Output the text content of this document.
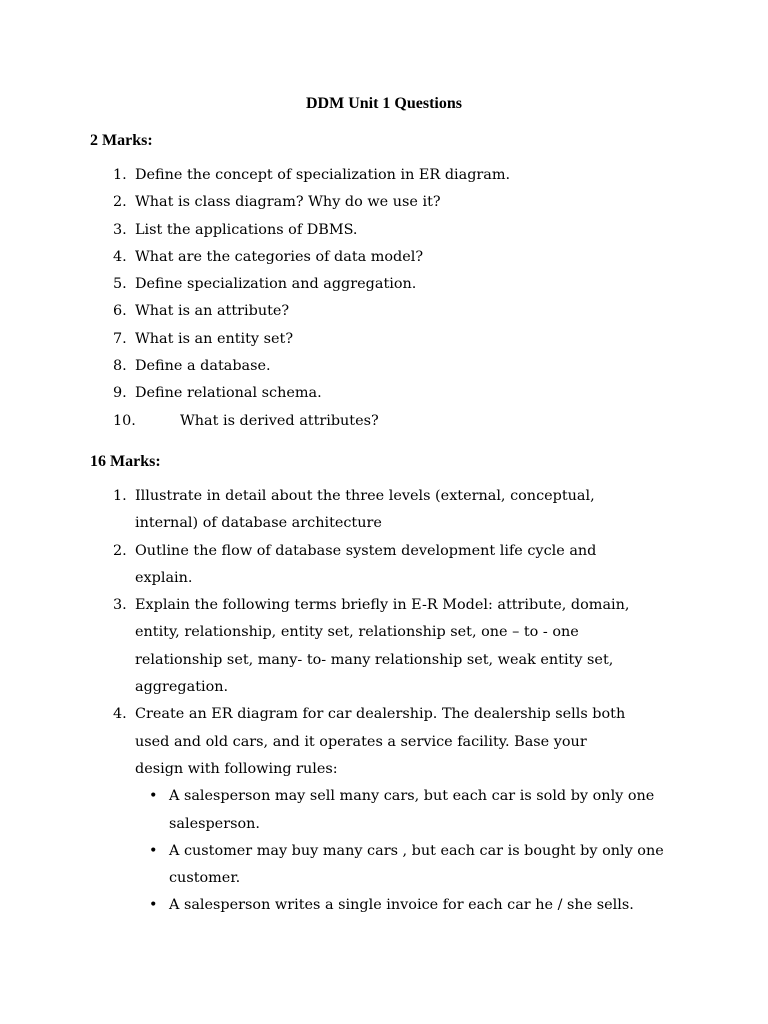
DDM Unit 1 Questions
2 Marks:
1. Define the concept of specialization in ER diagram.
2. What is class diagram? Why do we use it?
3. List the applications of DBMS.
4. What are the categories of data model?
5. Define specialization and aggregation.
6. What is an attribute?
7. What is an entity set?
8. Define a database.
9. Define relational schema.
10.	What is derived attributes?
16 Marks:
1. Illustrate in detail about the three levels (external, conceptual, internal) of database architecture
2. Outline the flow of database system development life cycle and explain.
3. Explain the following terms briefly in E-R Model: attribute, domain, entity, relationship, entity set, relationship set, one – to - one relationship set, many- to- many relationship set, weak entity set, aggregation.
4. Create an ER diagram for car dealership. The dealership sells both used and old cars, and it operates a service facility. Base your design with following rules:
• A salesperson may sell many cars, but each car is sold by only one salesperson.
• A customer may buy many cars , but each car is bought by only one customer.
• A salesperson writes a single invoice for each car he / she sells.
